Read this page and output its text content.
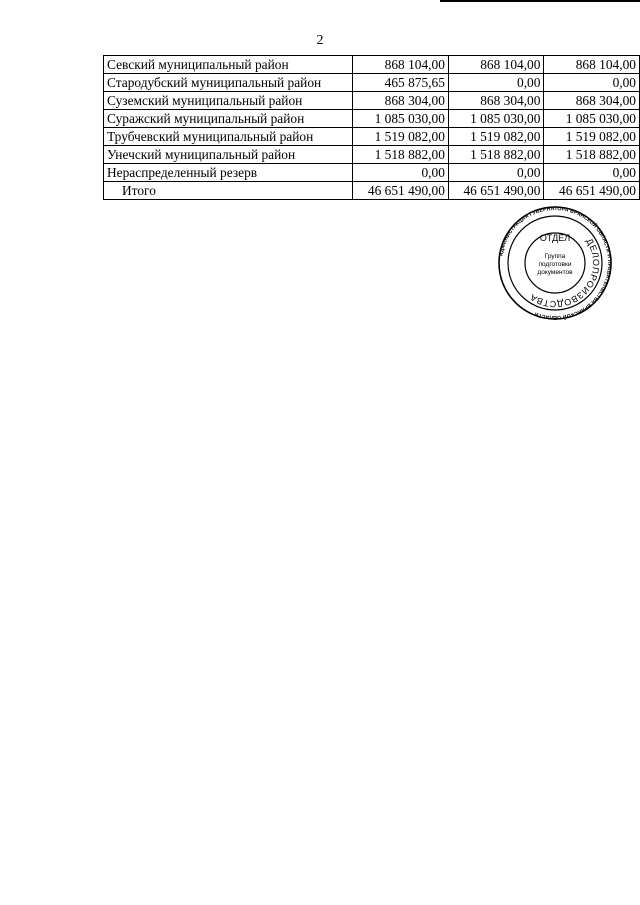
2
Севский муниципальный район	868 104,00	868 104,00	868 104,00
Стародубский муниципальный район	465 875,65	0,00	0,00
Суземский муниципальный район	868 304,00	868 304,00	868 304,00
Суражский муниципальный район	1 085 030,00	1 085 030,00	1 085 030,00
Трубчевский муниципальный район	1 519 082,00	1 519 082,00	1 519 082,00
Унечский муниципальный район	1 518 882,00	1 518 882,00	1 518 882,00
Нераспределенный резерв	0,00	0,00	0,00
Итого	46 651 490,00	46 651 490,00	46 651 490,00
АДМИНИСТРАЦИЯ ГУБЕРНАТОРА БРЯНСКОЙ ОБЛАСТИ И ПРАВИТЕЛЬСТВА БРЯНСКОЙ ОБЛАСТИ
ДЕЛОПРОИЗВОДСТВА
ОТДЕЛ
Группа
подготовки
документов
